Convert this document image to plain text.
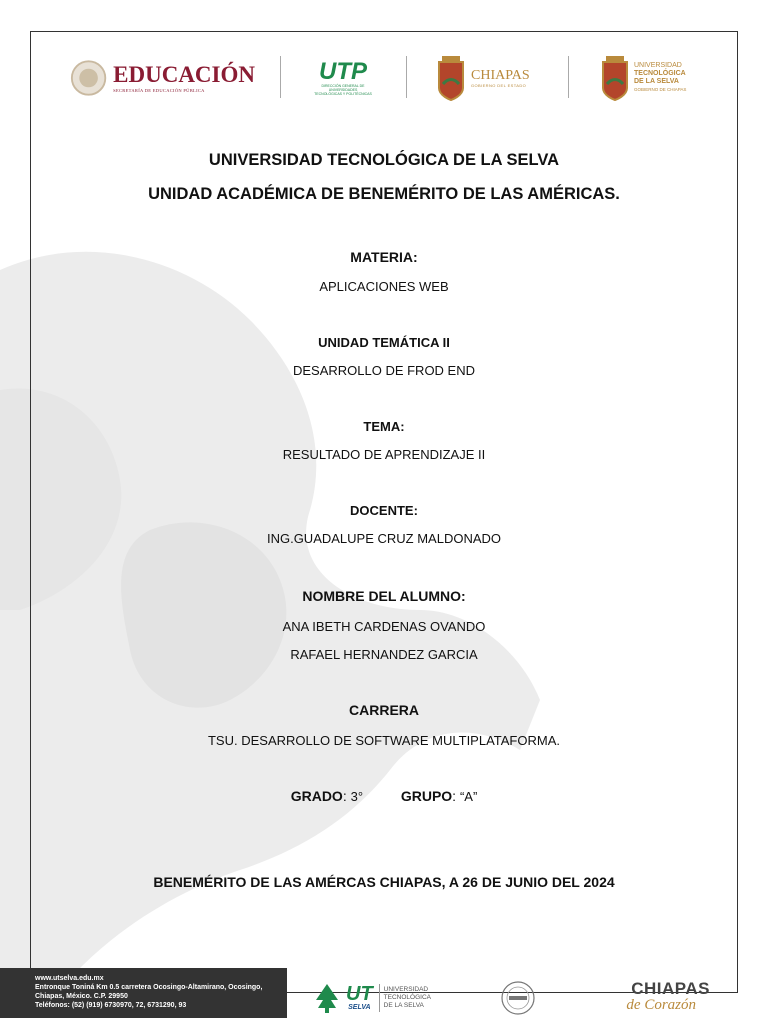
EDUCACIÓN
SECRETARÍA DE EDUCACIÓN PÚBLICA
UTP
DIRECCIÓN GENERAL DE UNIVERSIDADES
TECNOLÓGICAS Y POLITÉCNICAS
CHIAPAS
GOBIERNO DEL ESTADO
UNIVERSIDAD
TECNOLÓGICA
DE LA SELVA
GOBIERNO DE CHIAPAS
UNIVERSIDAD TECNOLÓGICA DE LA SELVA
UNIDAD ACADÉMICA DE BENEMÉRITO DE LAS AMÉRICAS.
MATERIA:
APLICACIONES WEB
UNIDAD TEMÁTICA II
DESARROLLO DE FROD END
TEMA:
RESULTADO DE APRENDIZAJE II
DOCENTE:
ING.GUADALUPE CRUZ MALDONADO
NOMBRE DEL ALUMNO:
ANA IBETH CARDENAS OVANDO
RAFAEL HERNANDEZ GARCIA
CARRERA
TSU. DESARROLLO DE SOFTWARE MULTIPLATAFORMA.
GRADO: 3°	GRUPO: “A”
BENEMÉRITO DE LAS AMÉRCAS CHIAPAS, A 26 DE JUNIO DEL 2024
www.utselva.edu.mx
Entronque Toniná Km 0.5 carretera Ocosingo-Altamirano, Ocosingo,
Chiapas, México. C.P. 29950
Teléfonos: (52) (919) 6730970, 72, 6731290, 93
UT
SELVA
UNIVERSIDAD
TECNOLÓGICA
DE LA SELVA
CHIAPAS
de Corazón
